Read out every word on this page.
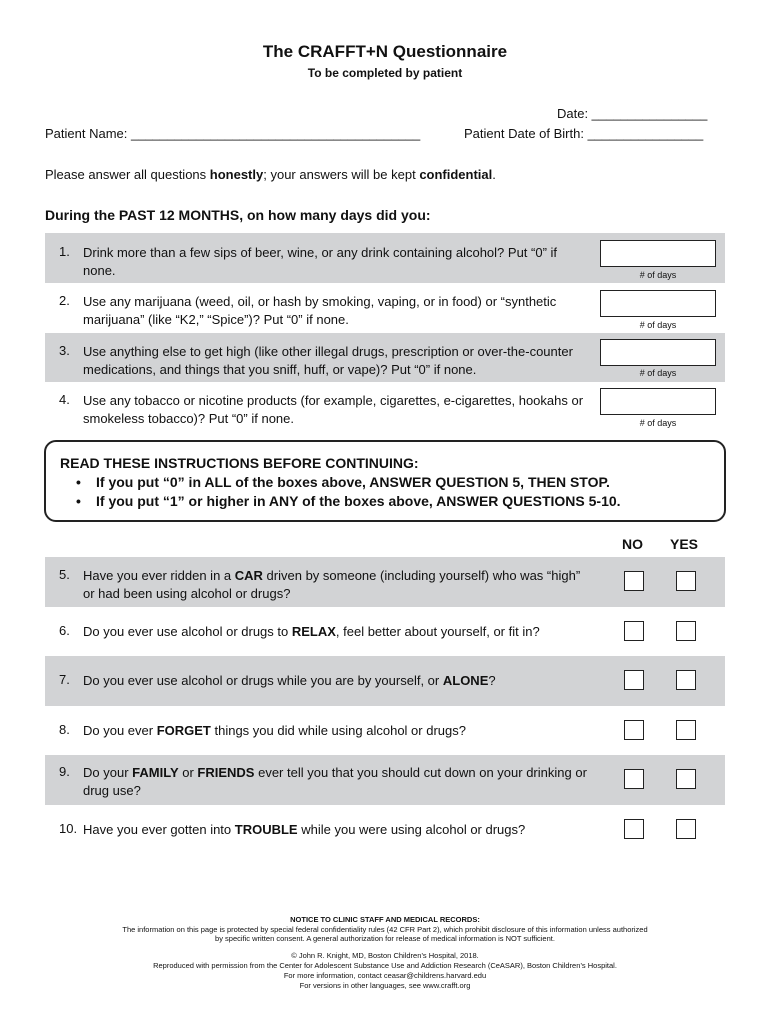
The CRAFFT+N Questionnaire
To be completed by patient
Date: ________________
Patient Name: ________________________________________	Patient Date of Birth: ________________
Please answer all questions honestly; your answers will be kept confidential.
During the PAST 12 MONTHS, on how many days did you:
1. Drink more than a few sips of beer, wine, or any drink containing alcohol? Put “0” if none.	# of days
2. Use any marijuana (weed, oil, or hash by smoking, vaping, or in food) or “synthetic marijuana” (like “K2,” “Spice”)? Put “0” if none.	# of days
3. Use anything else to get high (like other illegal drugs, prescription or over-the-counter medications, and things that you sniff, huff, or vape)? Put “0” if none.	# of days
4. Use any tobacco or nicotine products (for example, cigarettes, e-cigarettes, hookahs or smokeless tobacco)? Put “0” if none.	# of days
READ THESE INSTRUCTIONS BEFORE CONTINUING:
• If you put “0” in ALL of the boxes above, ANSWER QUESTION 5, THEN STOP.
• If you put “1” or higher in ANY of the boxes above, ANSWER QUESTIONS 5-10.
NO YES
5. Have you ever ridden in a CAR driven by someone (including yourself) who was “high” or had been using alcohol or drugs?
6. Do you ever use alcohol or drugs to RELAX, feel better about yourself, or fit in?
7. Do you ever use alcohol or drugs while you are by yourself, or ALONE?
8. Do you ever FORGET things you did while using alcohol or drugs?
9. Do your FAMILY or FRIENDS ever tell you that you should cut down on your drinking or drug use?
10. Have you ever gotten into TROUBLE while you were using alcohol or drugs?
NOTICE TO CLINIC STAFF AND MEDICAL RECORDS:
The information on this page is protected by special federal confidentiality rules (42 CFR Part 2), which prohibit disclosure of this information unless authorized
by specific written consent. A general authorization for release of medical information is NOT sufficient.
© John R. Knight, MD, Boston Children’s Hospital, 2018.
Reproduced with permission from the Center for Adolescent Substance Use and Addiction Research (CeASAR), Boston Children’s Hospital.
For more information, contact ceasar@childrens.harvard.edu
For versions in other languages, see www.crafft.org
